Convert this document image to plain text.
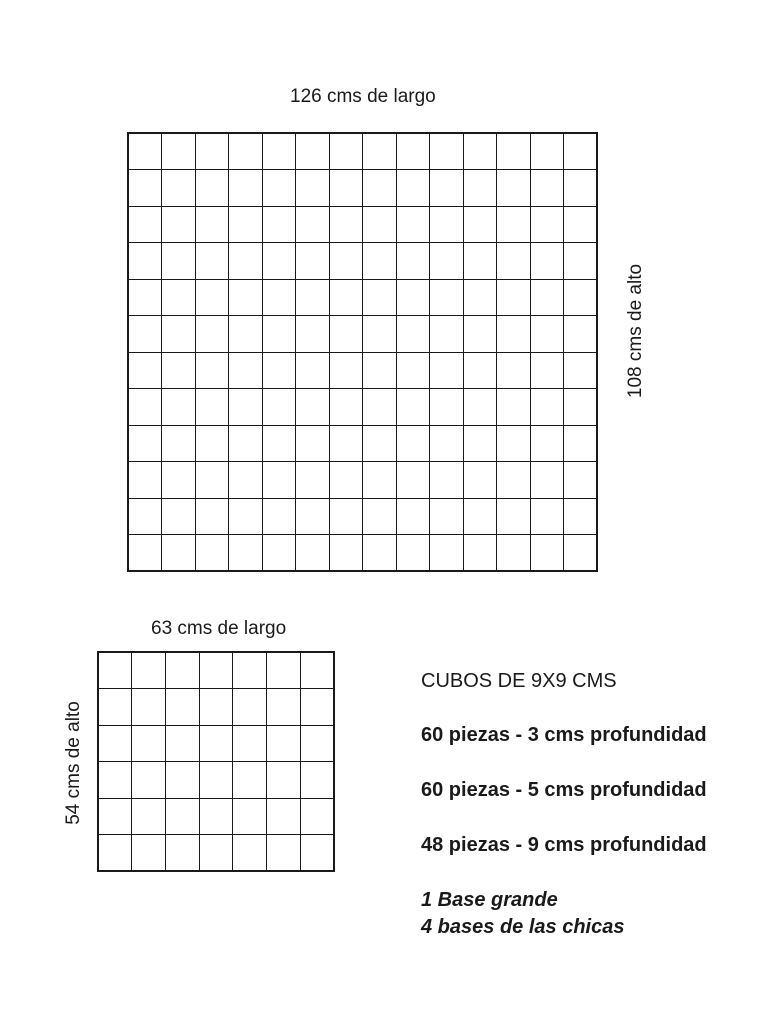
126 cms de largo

108 cms de alto
63 cms de largo

54 cms de alto
CUBOS DE 9X9 CMS
60 piezas - 3 cms profundidad
60 piezas - 5 cms profundidad
48 piezas - 9 cms profundidad
1 Base grande
4 bases de las chicas
